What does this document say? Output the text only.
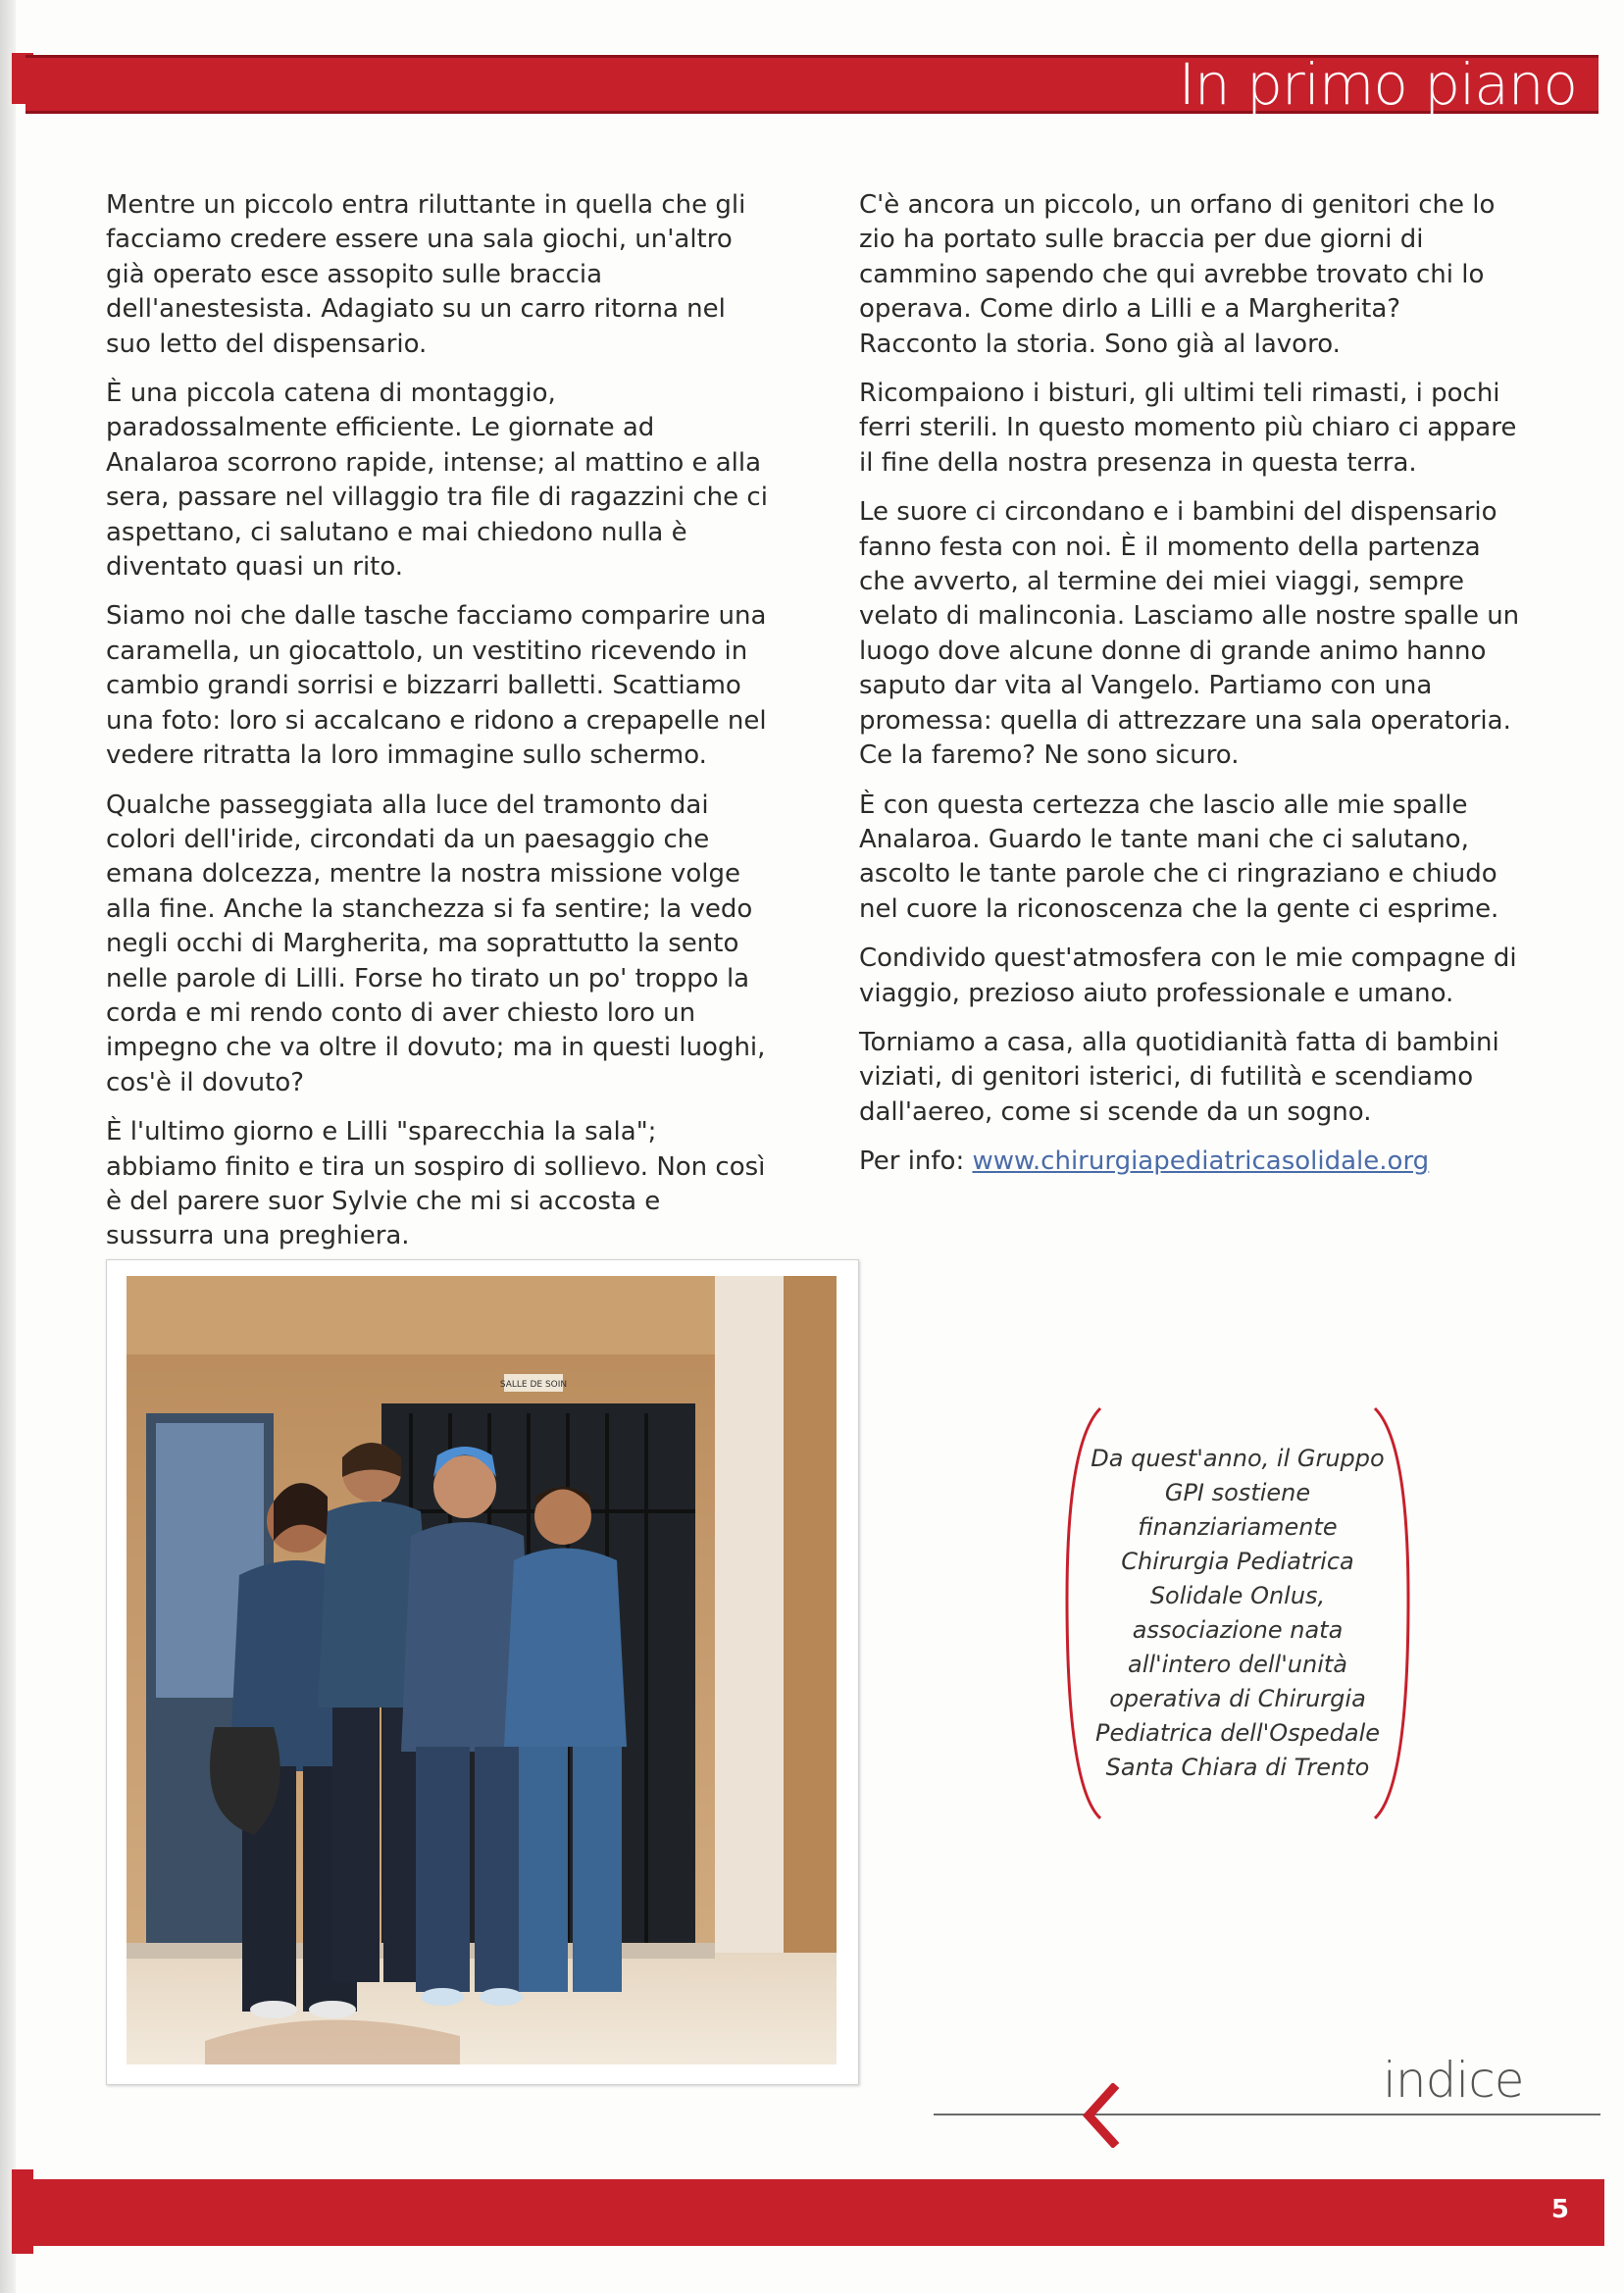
In primo piano

Mentre un piccolo entra riluttante in quella che gli facciamo credere essere una sala giochi, un'altro già operato esce assopito sulle braccia dell'anestesista. Adagiato su un carro ritorna nel suo letto del dispensario.

È una piccola catena di montaggio, paradossalmente efficiente. Le giornate ad Analaroa scorrono rapide, intense; al mattino e alla sera, passare nel villaggio tra file di ragazzini che ci aspettano, ci salutano e mai chiedono nulla è diventato quasi un rito.

Siamo noi che dalle tasche facciamo comparire una caramella, un giocattolo, un vestitino ricevendo in cambio grandi sorrisi e bizzarri balletti. Scattiamo una foto: loro si accalcano e ridono a crepapelle nel vedere ritratta la loro immagine sullo schermo.

Qualche passeggiata alla luce del tramonto dai colori dell'iride, circondati da un paesaggio che emana dolcezza, mentre la nostra missione volge alla fine. Anche la stanchezza si fa sentire; la vedo negli occhi di Margherita, ma soprattutto la sento nelle parole di Lilli. Forse ho tirato un po' troppo la corda e mi rendo conto di aver chiesto loro un impegno che va oltre il dovuto; ma in questi luoghi, cos'è il dovuto?

È l'ultimo giorno e Lilli "sparecchia la sala"; abbiamo finito e tira un sospiro di sollievo. Non così è del parere suor Sylvie che mi si accosta e sussurra una preghiera.

C'è ancora un piccolo, un orfano di genitori che lo zio ha portato sulle braccia per due giorni di cammino sapendo che qui avrebbe trovato chi lo operava. Come dirlo a Lilli e a Margherita? Racconto la storia. Sono già al lavoro.

Ricompaiono i bisturi, gli ultimi teli rimasti, i pochi ferri sterili. In questo momento più chiaro ci appare il fine della nostra presenza in questa terra.

Le suore ci circondano e i bambini del dispensario fanno festa con noi. È il momento della partenza che avverto, al termine dei miei viaggi, sempre velato di malinconia. Lasciamo alle nostre spalle un luogo dove alcune donne di grande animo hanno saputo dar vita al Vangelo. Partiamo con una promessa: quella di attrezzare una sala operatoria. Ce la faremo? Ne sono sicuro.

È con questa certezza che lascio alle mie spalle Analaroa. Guardo le tante mani che ci salutano, ascolto le tante parole che ci ringraziano e chiudo nel cuore la riconoscenza che la gente ci esprime.

Condivido quest'atmosfera con le mie compagne di viaggio, prezioso aiuto professionale e umano.

Torniamo a casa, alla quotidianità fatta di bambini viziati, di genitori isterici, di futilità e scendiamo dall'aereo, come si scende da un sogno.

Per info: www.chirurgiapediatricasolidale.org

SALLE DE SOIN
Da quest'anno, il Gruppo GPI sostiene finanziariamente Chirurgia Pediatrica Solidale Onlus, associazione nata all'intero dell'unità operativa di Chirurgia Pediatrica dell'Ospedale Santa Chiara di Trento
indice
5
